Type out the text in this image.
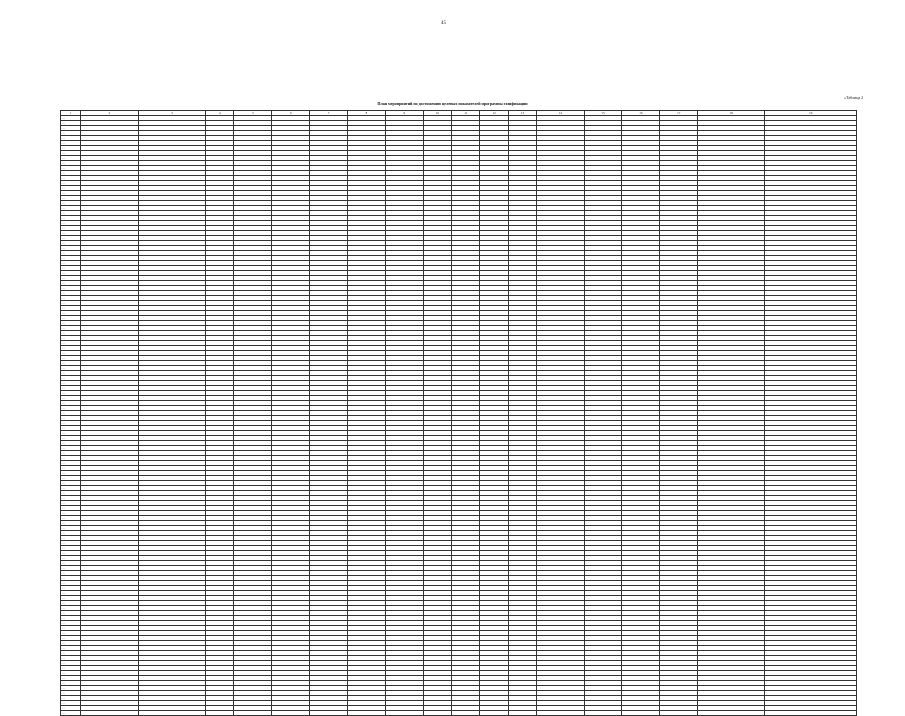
45
«Таблица 2
План мероприятий по достижению целевых показателей программы газификации
1	2	3	4	5	6	7	8	9	10	11	12	13	14	15	16	17	18	19
…																		
…																		
…																		
…																		
…																		
…																		
…																		
…																		
…																		
…																		
…																		
…																		
…																		
…																		
…																		
…																		
…																		
…																		
…																		
…																		
…																		
…																		
…																		
…																		
…																		
…																		
…																		
…																		
…																		
…																		
…																		
…																		
…																		
…																		
…																		
…																		
…																		
…																		
…																		
…																		
…																		
…																		
…																		
…																		
…																		
…																		
…																		
…																		
…																		
…																		
…																		
…																		
…																		
…																		
…																		
…																		
…																		
…																		
…																		
…																		
…																		
…																		
…																		
…																		
…																		
…																		
…																		
…																		
…																		
…																		
…																		
…																		
…																		
…																		
…																		
…																		
…																		
…																		
…																		
…																		
…																		
…																		
…																		
…																		
…																		
…																		
…																		
…																		
…																		
…																		
…																		
…																		
…																		
…																		
…																		
…																		
…																		
…																		
…																		
…																		
…																		
…																		
…																		
…																		
…																		
…																		
…																		
…																		
…																		
…																		
…																		
…																		
…																		
…																		
…																		
…																		
…																		
…																		
…																		
…																		
